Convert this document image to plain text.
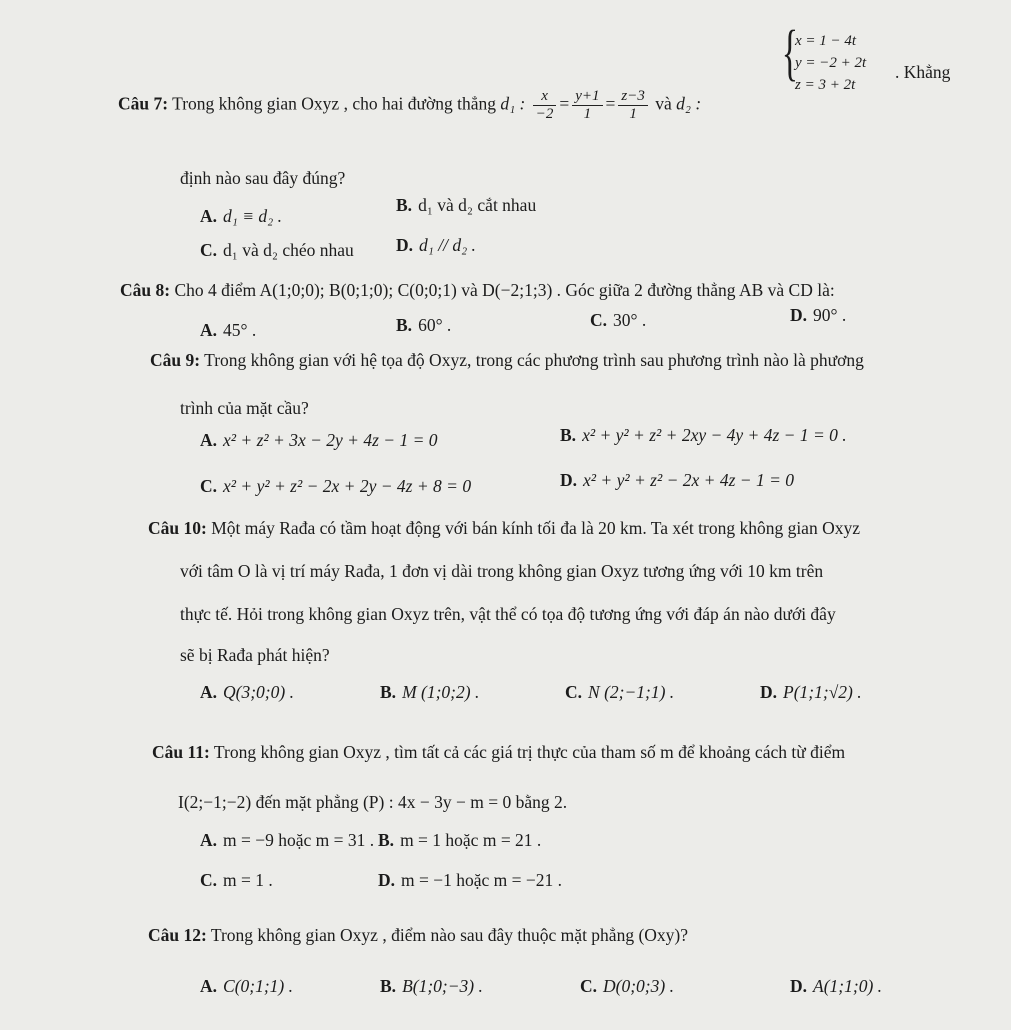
Câu 7: Trong không gian Oxyz , cho hai đường thẳng d₁ : $\frac{x}{-2} = \frac{y+1}{1} = \frac{z-3}{1}$ và d₂ :
{
x = 1 − 4t
y = −2 + 2t
z = 3 + 2t
. Khẳng
định nào sau đây đúng?
A. d₁ ≡ d₂ .
B. d₁ và d₂ cắt nhau
C. d₁ và d₂ chéo nhau D. d₁ // d₂ .
Câu 8: Cho 4 điểm A(1;0;0); B(0;1;0); C(0;0;1) và D(−2;1;3) . Góc giữa 2 đường thẳng AB và CD là:
A. 45° .	B. 60° .	C. 30° .	D. 90° .
Câu 9: Trong không gian với hệ tọa độ Oxyz, trong các phương trình sau phương trình nào là phương
trình của mặt cầu?
A. x² + z² + 3x − 2y + 4z − 1 = 0	B. x² + y² + z² + 2xy − 4y + 4z − 1 = 0 .
C. x² + y² + z² − 2x + 2y − 4z + 8 = 0	D. x² + y² + z² − 2x + 4z − 1 = 0
Câu 10: Một máy Rađa có tầm hoạt động với bán kính tối đa là 20 km. Ta xét trong không gian Oxyz
với tâm O là vị trí máy Rađa, 1 đơn vị dài trong không gian Oxyz tương ứng với 10 km trên
thực tế. Hỏi trong không gian Oxyz trên, vật thể có tọa độ tương ứng với đáp án nào dưới đây
sẽ bị Rađa phát hiện?
A. Q(3;0;0) .	B. M (1;0;2) .	C. N (2;−1;1) .	D. P(1;1;√2) .
Câu 11: Trong không gian Oxyz , tìm tất cả các giá trị thực của tham số m để khoảng cách từ điểm
I(2;−1;−2) đến mặt phẳng (P) : 4x − 3y − m = 0 bằng 2.
A. m = −9 hoặc m = 31 . B. m = 1 hoặc m = 21 .
C. m = 1 .	D. m = −1 hoặc m = −21 .
Câu 12: Trong không gian Oxyz , điểm nào sau đây thuộc mặt phẳng (Oxy)?
A. C(0;1;1) .	B. B(1;0;−3) .	C. D(0;0;3) .	D. A(1;1;0) .
